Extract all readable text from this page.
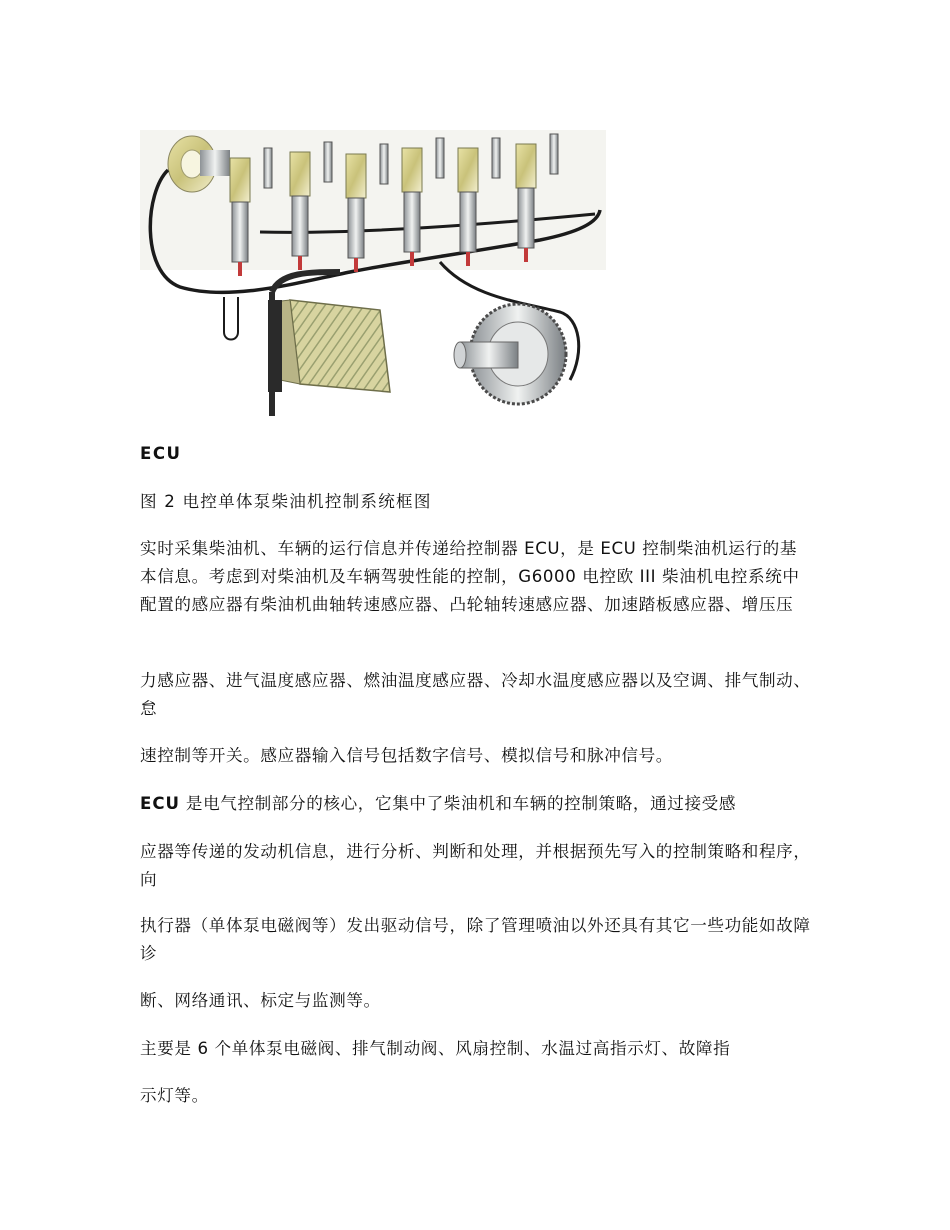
ECU

图 2 电控单体泵柴油机控制系统框图

实时采集柴油机、车辆的运行信息并传递给控制器 ECU，是 ECU 控制柴油机运行的基本信息。考虑到对柴油机及车辆驾驶性能的控制，G6000 电控欧 III 柴油机电控系统中配置的感应器有柴油机曲轴转速感应器、凸轮轴转速感应器、加速踏板感应器、增压压

力感应器、进气温度感应器、燃油温度感应器、冷却水温度感应器以及空调、排气制动、怠

速控制等开关。感应器输入信号包括数字信号、模拟信号和脉冲信号。

ECU 是电气控制部分的核心，它集中了柴油机和车辆的控制策略，通过接受感

应器等传递的发动机信息，进行分析、判断和处理，并根据预先写入的控制策略和程序，向

执行器（单体泵电磁阀等）发出驱动信号，除了管理喷油以外还具有其它一些功能如故障诊

断、网络通讯、标定与监测等。

主要是 6 个单体泵电磁阀、排气制动阀、风扇控制、水温过高指示灯、故障指

示灯等。
